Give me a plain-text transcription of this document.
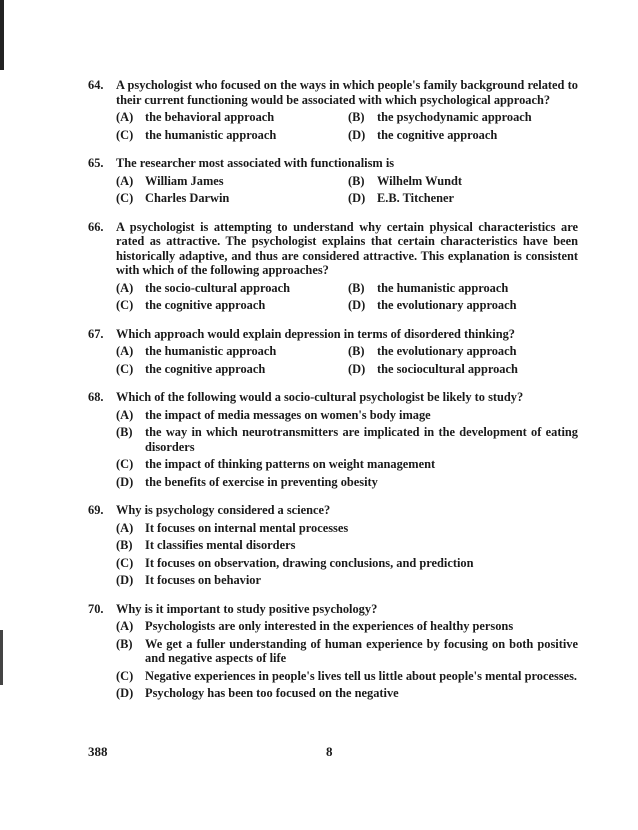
64.	A psychologist who focused on the ways in which people's family background related to their current functioning would be associated with which psychological approach?
(A) the behavioral approach	(B)	the psychodynamic approach
(C) the humanistic approach	(D) the cognitive approach
65.	The researcher most associated with functionalism is
(A) William James	(B)	Wilhelm Wundt
(C) Charles Darwin	(D) E.B. Titchener
66.	A psychologist is attempting to understand why certain physical characteristics are rated as attractive. The psychologist explains that certain characteristics have been historically adaptive, and thus are considered attractive. This explanation is consistent with which of the following approaches?
(A) the socio-cultural approach	(B)	the humanistic approach
(C) the cognitive approach	(D) the evolutionary approach
67.	Which approach would explain depression in terms of disordered thinking?
(A) the humanistic approach	(B)	the evolutionary approach
(C) the cognitive approach	(D) the sociocultural approach
68.	Which of the following would a socio-cultural psychologist be likely to study?
(A) the impact of media messages on women's body image
(B)	the way in which neurotransmitters are implicated in the development of eating disorders
(C) the impact of thinking patterns on weight management
(D) the benefits of exercise in preventing obesity
69.	Why is psychology considered a science?
(A) It focuses on internal mental processes
(B)	It classifies mental disorders
(C) It focuses on observation, drawing conclusions, and prediction
(D) It focuses on behavior
70.	Why is it important to study positive psychology?
(A) Psychologists are only interested in the experiences of healthy persons
(B)	We get a fuller understanding of human experience by focusing on both positive and negative aspects of life
(C) Negative experiences in people's lives tell us little about people's mental processes.
(D) Psychology has been too focused on the negative
388	8
